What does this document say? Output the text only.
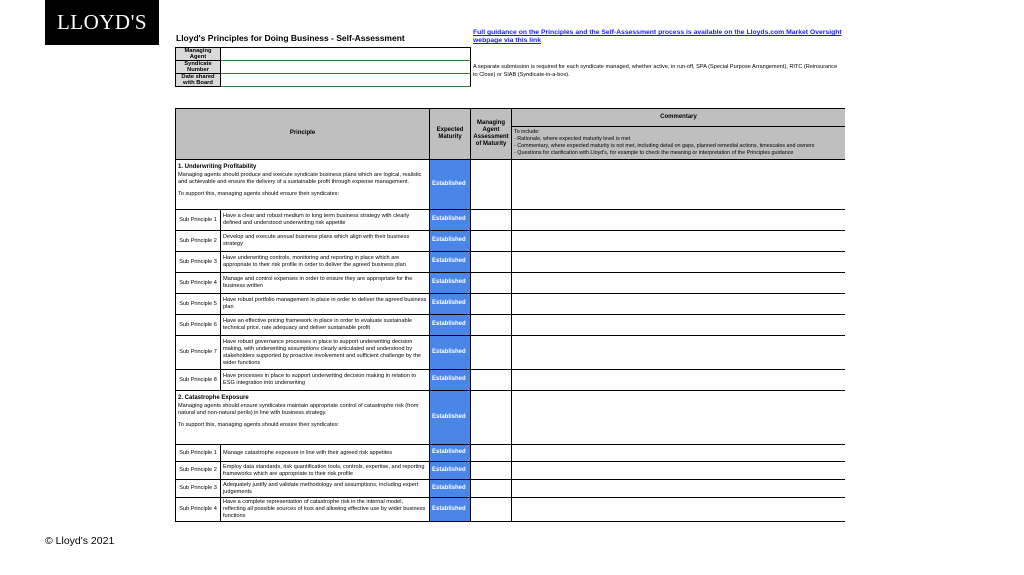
LLOYD'S
Lloyd's Principles for Doing Business - Self-Assessment
Full guidance on the Principles and the Self-Assessment process is available on the Lloyds.com Market Oversight webpage via this link
A separate submission is required for each syndicate managed, whether active, in run-off, SPA (Special Purpose Arrangement), RITC (Reinsurance to Close) or SIAB (Syndicate-in-a-box).
Managing Agent	
Syndicate Number	
Date shared with Board	
Principle		Expected Maturity	Managing Agent Assessment of Maturity	Commentary

				To include:
- Rationale, where expected maturity level is met
- Commentary, where expected maturity is not met, including detail on gaps, planned remedial actions, timescales and owners
- Questions for clarification with Lloyd's, for example to check the meaning or interpretation of the Principles guidance

1. Underwriting Profitability
Managing agents should produce and execute syndicate business plans which are logical, realistic and achievable and ensure the delivery of a sustainable profit through expense management.
To support this, managing agents should ensure their syndicates:		Established		
Sub Principle 1	Have a clear and robust medium to long term business strategy with clearly defined and understood underwriting risk appetite	Established		
Sub Principle 2	Develop and execute annual business plans which align with their business strategy	Established		
Sub Principle 3	Have underwriting controls, monitoring and reporting in place which are appropriate to their risk profile in order to deliver the agreed business plan	Established		
Sub Principle 4	Manage and control expenses in order to ensure they are appropriate for the business written	Established		
Sub Principle 5	Have robust portfolio management in place in order to deliver the agreed business plan	Established		
Sub Principle 6	Have an effective pricing framework in place in order to evaluate sustainable technical price, rate adequacy and deliver sustainable profit	Established		
Sub Principle 7	Have robust governance processes in place to support underwriting decision making, with underwriting assumptions clearly articulated and understood by stakeholders supported by proactive involvement and sufficient challenge by the wider functions	Established		
Sub Principle 8	Have processes in place to support underwriting decision making in relation to ESG integration into underwriting	Established		

2. Catastrophe Exposure
Managing agents should ensure syndicates maintain appropriate control of catastrophe risk (from natural and non-natural perils) in line with business strategy.
To support this, managing agents should ensure their syndicates:		Established		
Sub Principle 1	Manage catastrophe exposure in line with their agreed risk appetites	Established		
Sub Principle 2	Employ data standards, risk quantification tools, controls, expertise, and reporting frameworks which are appropriate to their risk profile	Established		
Sub Principle 3	Adequately justify and validate methodology and assumptions, including expert judgements	Established		
Sub Principle 4	Have a complete representation of catastrophe risk in the internal model, reflecting all possible sources of loss and allowing effective use by wider business functions	Established		
© Lloyd's 2021
